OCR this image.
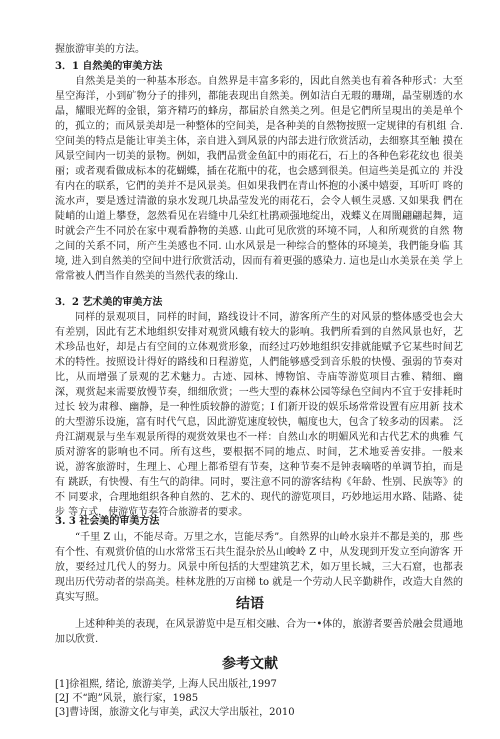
握旅游审美的方法。

3．1 自然美的审美方法

自然美是美的一种基本形态。自然界是丰富多彩的，因此自然美也有着各种形式：大至 星空海洋，小到矿物分子的排列，都能表现出自然美。例如洁白无瑕的珊瑚，晶莹剔透的水 晶，耀眼光辉的金银，第齐精巧的蜂房，都届於自然美之列。但是它們所呈現出的美是单个 的，孤立的；而风景美却是一种整体的空间美，是各种美的自然物按照一定规律的有机组 合. 空间美的特点是能让审美主体，亲自进入到风景的内部去进行欣赏活动，去细察其至触 摸在风景空间内一切美的景物。例如，我們品赏金鱼缸中的雨花石，石上的各种色彩花纹也 很美丽；或者观看做成标本的花蝴蝶，插在花瓶中的花，也会感到很美。但這些美是孤立的 并没有内在的联系，它們的美并不是风景美。但如果我們在青山怀抱的小溪中嬉耍，耳听叮 咚的流水声，要是透过清澈的泉水发现几块晶莹发光的雨花石，会令人顿生灵感. 又如果我 們在陡峭的山道上攀登，忽然看见在岩缝中几朵红杜鹃顽强地绽出，戏蝶义在周闇翩翩起舞，這时就会产生不同於在家中观看静物的美感. 山此可见欣赏的环境不同，人和所观赏的自然 物之间的关系不同，所产生美感也不同. 山水风景是一种综合的整体的环境美，我們能身临 其境, 进入到自然美的空间中进行欣赏活动，因而有着更强的感染力. 這也是山水美景在美 学上常常被人們当作自然美的当然代表的缘山.

3．2 艺术美的审美方法

同样的景观项目，同样的时间，路线设计不同，游客所产生的对风景的整体感受也会大 有差别，因此有艺术地组织安排对观赏风蛾有较大的影响。我們所看到的自然风景也好，艺 术珍品也好，却是占有空间的立体观赏形象，而经过巧妙地组织安排就能赋予它某些时间艺 术的特性。按照设计得好的路线和日程游览，人們能够感受到音乐般的快慢、强弱的节奏对 比，从而增强了景观的艺术魅力。古迹、园林、博物馆、寺庙等游览项目古雅、精细、幽深，观赏起来需要放慢节奏，细细欣赏；一些大型的森林公园等绿色空间内不宜于安排耗时过长 较为肃穆、幽静，是一种性质较静的游览；I 们新开设的娱乐场常常设置有应用新 技术的大型游乐设施，富有时代气息，因此游览速度较快，幅度也大，包含了较多动的因素。 泛舟江湖观景与坐车观景所得的观赏效果也不一样：自然山水的明媚风光和古代艺术的典雅 气质对游客的影响也不同。所有这些，要根据不同的地点、时间，艺术地妥善安排。一般来 说，游客旅游时，生理上、心理上都希望有节奏，这种节奏不是钟表嘀嗒的单调节拍，而是有 跳跃，有快慢、有生气的韵律。同时，要注意不同的游客结构《年龄、性别、民族等》的不 同要求，合理地组织各种自然的、艺术的、现代的游览项目，巧妙地运用水路、陆路、徒步 等方式，使游览节奏符合旅游者的要求。

3. 3 社会美的审美方法

“千里 Z 山，不能尽奇。万里之水，岂能尽秀”。自然界的山岭水泉并不都是美的，那 些有个性、有观赏价值的山水常常玉石共生混杂於丛山峻岭 Z 中，从发现到开发立至向游客 开放，要经过几代人的努力。风景中所包括的大型建筑艺术，如万里长城，三大石窟，也都表 现出历代劳动者的崇高美。桂林龙胜的万亩梯 to 就是一个劳动人民辛勤耕作，改造大自然的 真实写照。	结语

上述种种美的表现，在风景游览中是互相交融、合为一•体的，旅游者要善於融会贯通地 加以欣赏.

参考文献
[1]徐祖熙, 绪论, 旅游美学, 上海人民出版社,1997
[2J 不“跑”风景，旅行家，1985
[3]曹诗图，旅游文化与审美，武汉大学出版社，2010
